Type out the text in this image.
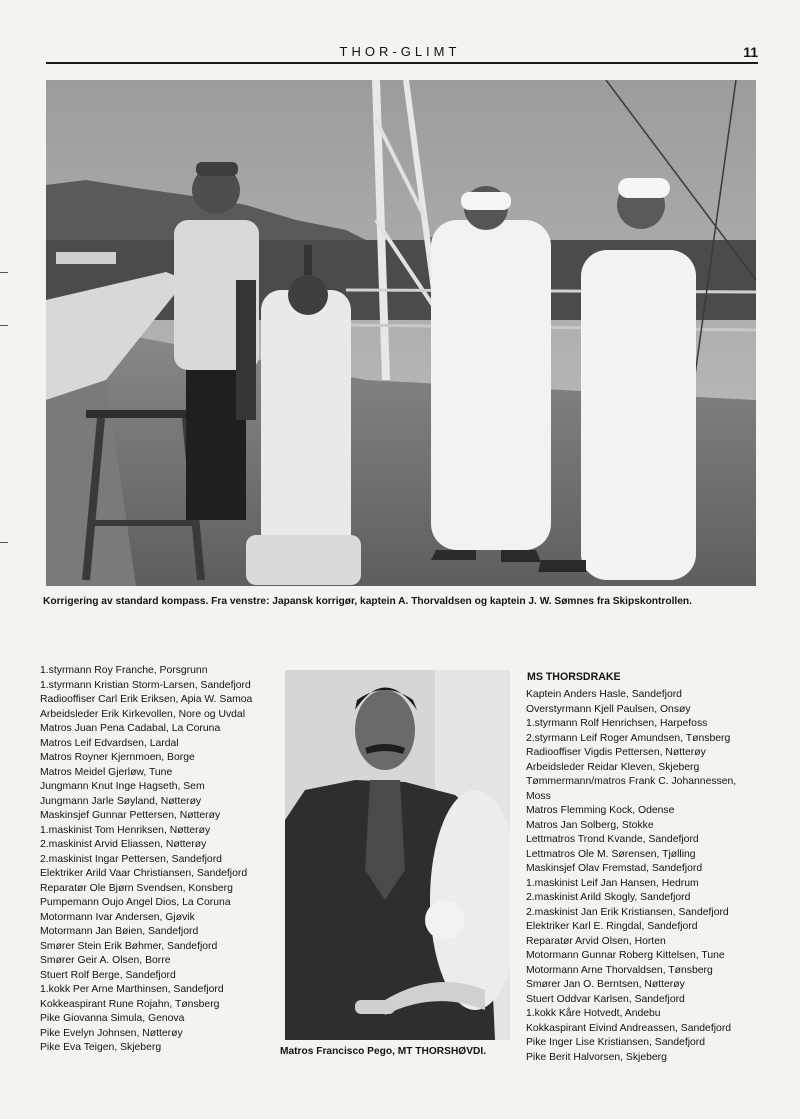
THOR-GLIMT	11
Korrigering av standard kompass. Fra venstre: Japansk korrigør, kaptein A. Thorvaldsen og kaptein J. W. Sømnes fra Skipskontrollen.
1.styrmann Roy Franche, Porsgrunn
1.styrmann Kristian Storm-Larsen, Sandefjord
Radiooffiser Carl Erik Eriksen, Apia W. Samoa
Arbeidsleder Erik Kirkevollen, Nore og Uvdal
Matros Juan Pena Cadabal, La Coruna
Matros Leif Edvardsen, Lardal
Matros Royner Kjernmoen, Borge
Matros Meidel Gjerløw, Tune
Jungmann Knut Inge Hagseth, Sem
Jungmann Jarle Søyland, Nøtterøy
Maskinsjef Gunnar Pettersen, Nøtterøy
1.maskinist Tom Henriksen, Nøtterøy
2.maskinist Arvid Eliassen, Nøtterøy
2.maskinist Ingar Pettersen, Sandefjord
Elektriker Arild Vaar Christiansen, Sandefjord
Reparatør Ole Bjørn Svendsen, Konsberg
Pumpemann Oujo Angel Dios, La Coruna
Motormann Ivar Andersen, Gjøvik
Motormann Jan Bøien, Sandefjord
Smører Stein Erik Bøhmer, Sandefjord
Smører Geir A. Olsen, Borre
Stuert Rolf Berge, Sandefjord
1.kokk Per Arne Marthinsen, Sandefjord
Kokkeaspirant Rune Rojahn, Tønsberg
Pike Giovanna Simula, Genova
Pike Evelyn Johnsen, Nøtterøy
Pike Eva Teigen, Skjeberg	Matros Francisco Pego, MT THORSHØVDI.
MS THORSDRAKE
Kaptein Anders Hasle, Sandefjord
Overstyrmann Kjell Paulsen, Onsøy
1.styrmann Rolf Henrichsen, Harpefoss
2.styrmann Leif Roger Amundsen, Tønsberg
Radiooffiser Vigdis Pettersen, Nøtterøy
Arbeidsleder Reidar Kleven, Skjeberg
Tømmermann/matros Frank C. Johannessen,
Moss
Matros Flemming Kock, Odense
Matros Jan Solberg, Stokke
Lettmatros Trond Kvande, Sandefjord
Lettmatros Ole M. Sørensen, Tjølling
Maskinsjef Olav Fremstad, Sandefjord
1.maskinist Leif Jan Hansen, Hedrum
2.maskinist Arild Skogly, Sandefjord
2.maskinist Jan Erik Kristiansen, Sandefjord
Elektriker Karl E. Ringdal, Sandefjord
Reparatør Arvid Olsen, Horten
Motormann Gunnar Roberg Kittelsen, Tune
Motormann Arne Thorvaldsen, Tønsberg
Smører Jan O. Berntsen, Nøtterøy
Stuert Oddvar Karlsen, Sandefjord
1.kokk Kåre Hotvedt, Andebu
Kokkaspirant Eivind Andreassen, Sandefjord
Pike Inger Lise Kristiansen, Sandefjord
Pike Berit Halvorsen, Skjeberg
